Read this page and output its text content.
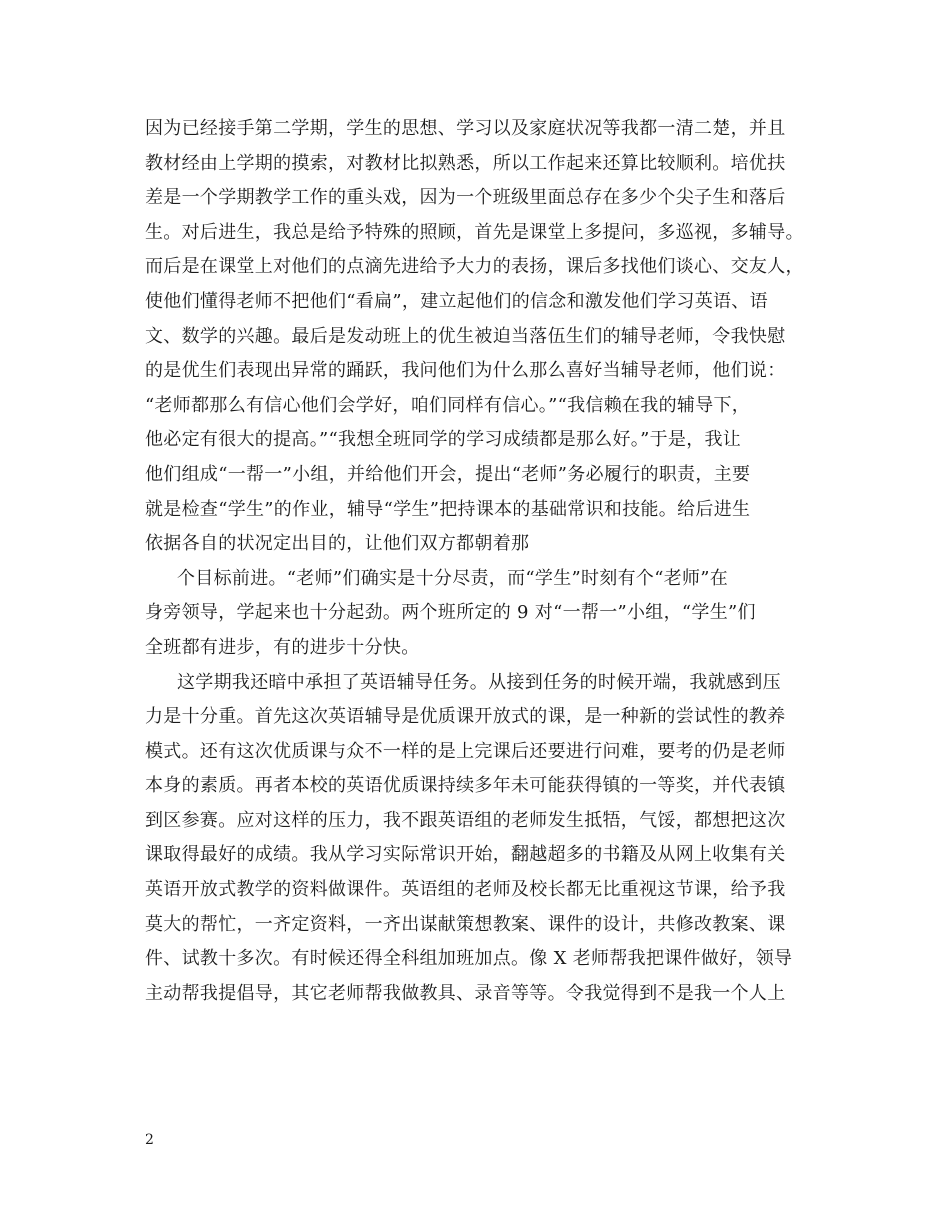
因为已经接手第二学期，学生的思想、学习以及家庭状况等我都一清二楚，并且
教材经由上学期的摸索，对教材比拟熟悉，所以工作起来还算比较顺利。培优扶
差是一个学期教学工作的重头戏，因为一个班级里面总存在多少个尖子生和落后
生。对后进生，我总是给予特殊的照顾，首先是课堂上多提问，多巡视，多辅导。
而后是在课堂上对他们的点滴先进给予大力的表扬，课后多找他们谈心、交友人，
使他们懂得老师不把他们“看扁”，建立起他们的信念和激发他们学习英语、语
文、数学的兴趣。最后是发动班上的优生被迫当落伍生们的辅导老师，令我快慰
的是优生们表现出异常的踊跃，我问他们为什么那么喜好当辅导老师，他们说：
“老师都那么有信心他们会学好，咱们同样有信心。”“我信赖在我的辅导下，
他必定有很大的提高。”“我想全班同学的学习成绩都是那么好。”于是，我让
他们组成“一帮一”小组，并给他们开会，提出“老师”务必履行的职责，主要
就是检查“学生”的作业，辅导“学生”把持课本的基础常识和技能。给后进生
依据各自的状况定出目的，让他们双方都朝着那
个目标前进。“老师”们确实是十分尽责，而“学生”时刻有个“老师”在
身旁领导，学起来也十分起劲。两个班所定的 9 对“一帮一”小组，“学生”们
全班都有进步，有的进步十分快。
这学期我还暗中承担了英语辅导任务。从接到任务的时候开端，我就感到压
力是十分重。首先这次英语辅导是优质课开放式的课，是一种新的尝试性的教养
模式。还有这次优质课与众不一样的是上完课后还要进行问难，要考的仍是老师
本身的素质。再者本校的英语优质课持续多年未可能获得镇的一等奖，并代表镇
到区参赛。应对这样的压力，我不跟英语组的老师发生抵牾，气馁，都想把这次
课取得最好的成绩。我从学习实际常识开始，翻越超多的书籍及从网上收集有关
英语开放式教学的资料做课件。英语组的老师及校长都无比重视这节课，给予我
莫大的帮忙，一齐定资料，一齐出谋献策想教案、课件的设计，共修改教案、课
件、试教十多次。有时候还得全科组加班加点。像 X 老师帮我把课件做好，领导
主动帮我提倡导，其它老师帮我做教具、录音等等。令我觉得到不是我一个人上
2
